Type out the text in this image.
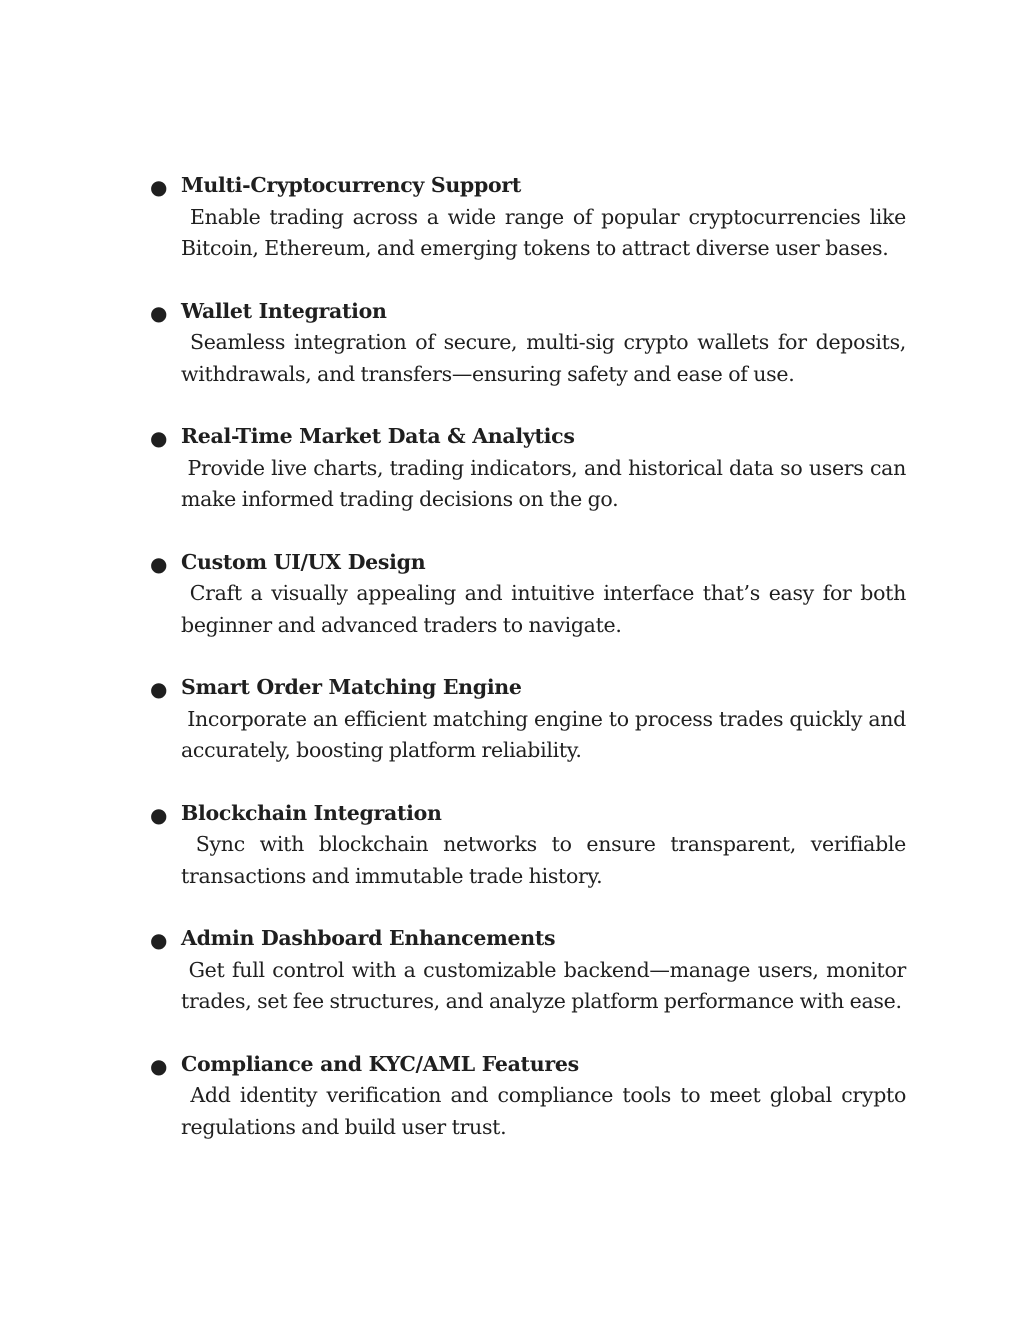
● Multi-Cryptocurrency Support
Enable trading across a wide range of popular cryptocurrencies like Bitcoin, Ethereum, and emerging tokens to attract diverse user bases.
● Wallet Integration
Seamless integration of secure, multi-sig crypto wallets for deposits, withdrawals, and transfers—ensuring safety and ease of use.
● Real-Time Market Data & Analytics
Provide live charts, trading indicators, and historical data so users can make informed trading decisions on the go.
● Custom UI/UX Design
Craft a visually appealing and intuitive interface that’s easy for both beginner and advanced traders to navigate.
● Smart Order Matching Engine
Incorporate an efficient matching engine to process trades quickly and accurately, boosting platform reliability.
● Blockchain Integration
Sync with blockchain networks to ensure transparent, verifiable transactions and immutable trade history.
● Admin Dashboard Enhancements
Get full control with a customizable backend—manage users, monitor trades, set fee structures, and analyze platform performance with ease.
● Compliance and KYC/AML Features
Add identity verification and compliance tools to meet global crypto regulations and build user trust.
